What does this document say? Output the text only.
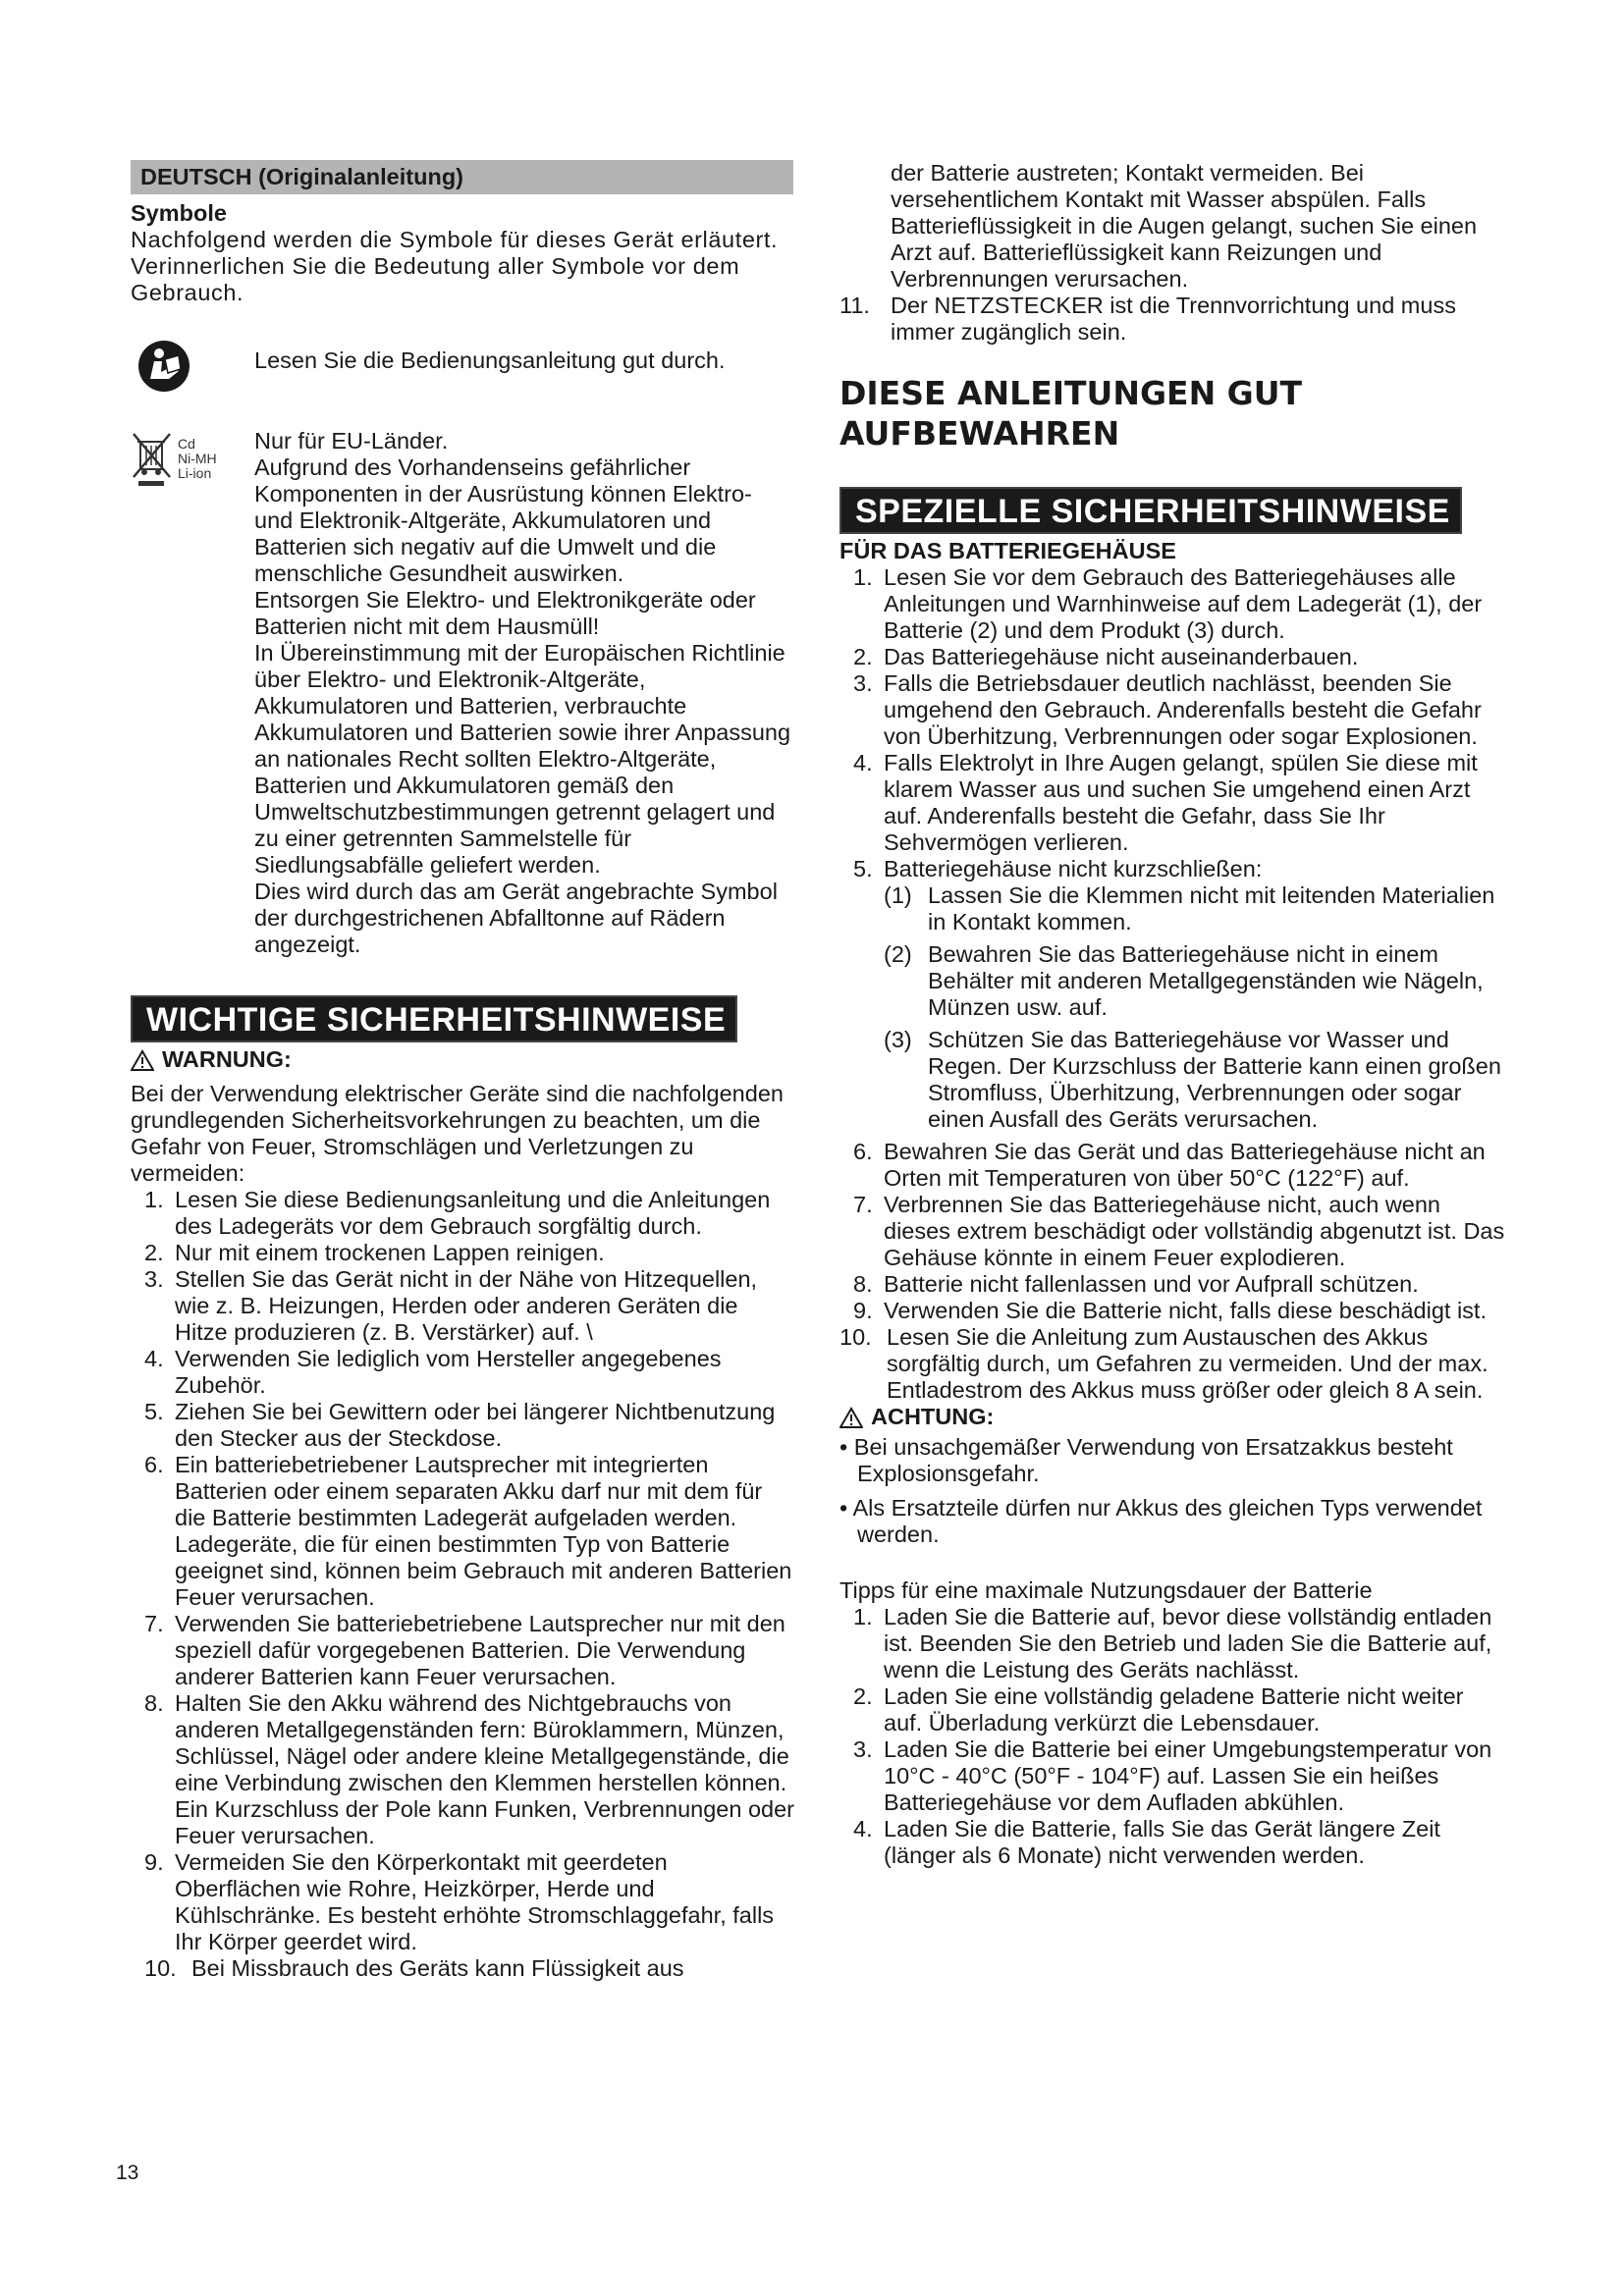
DEUTSCH (Originalanleitung)
Symbole

Nachfolgend werden die Symbole für dieses Gerät erläutert. Verinnerlichen Sie die Bedeutung aller Symbole vor dem Gebrauch.

Lesen Sie die Bedienungsanleitung gut durch.

Cd
Ni-MH
Li-ion

Nur für EU-Länder.

Aufgrund des Vorhandenseins gefährlicher Komponenten in der Ausrüstung können Elektro- und Elektronik-Altgeräte, Akkumulatoren und Batterien sich negativ auf die Umwelt und die menschliche Gesundheit auswirken.

Entsorgen Sie Elektro- und Elektronikgeräte oder Batterien nicht mit dem Hausmüll!

In Übereinstimmung mit der Europäischen Richtlinie über Elektro- und Elektronik-Altgeräte, Akkumulatoren und Batterien, verbrauchte Akkumulatoren und Batterien sowie ihrer Anpassung an nationales Recht sollten Elektro-Altgeräte, Batterien und Akkumulatoren gemäß den Umweltschutzbestimmungen getrennt gelagert und zu einer getrennten Sammelstelle für Siedlungsabfälle geliefert werden.

Dies wird durch das am Gerät angebrachte Symbol der durchgestrichenen Abfalltonne auf Rädern angezeigt.

WICHTIGE SICHERHEITSHINWEISE
WARNUNG:

Bei der Verwendung elektrischer Geräte sind die nachfolgenden grundlegenden Sicherheitsvorkehrungen zu beachten, um die Gefahr von Feuer, Stromschlägen und Verletzungen zu vermeiden:

1. Lesen Sie diese Bedienungsanleitung und die Anleitungen des Ladegeräts vor dem Gebrauch sorgfältig durch.
2. Nur mit einem trockenen Lappen reinigen.
3. Stellen Sie das Gerät nicht in der Nähe von Hitzequellen, wie z. B. Heizungen, Herden oder anderen Geräten die Hitze produzieren (z. B. Verstärker) auf. \
4. Verwenden Sie lediglich vom Hersteller angegebenes Zubehör.
5. Ziehen Sie bei Gewittern oder bei längerer Nichtbenutzung den Stecker aus der Steckdose.
6. Ein batteriebetriebener Lautsprecher mit integrierten Batterien oder einem separaten Akku darf nur mit dem für die Batterie bestimmten Ladegerät aufgeladen werden. Ladegeräte, die für einen bestimmten Typ von Batterie geeignet sind, können beim Gebrauch mit anderen Batterien Feuer verursachen.
7. Verwenden Sie batteriebetriebene Lautsprecher nur mit den speziell dafür vorgegebenen Batterien. Die Verwendung anderer Batterien kann Feuer verursachen.
8. Halten Sie den Akku während des Nichtgebrauchs von anderen Metallgegenständen fern: Büroklammern, Münzen, Schlüssel, Nägel oder andere kleine Metallgegenstände, die eine Verbindung zwischen den Klemmen herstellen können. Ein Kurzschluss der Pole kann Funken, Verbrennungen oder Feuer verursachen.
9. Vermeiden Sie den Körperkontakt mit geerdeten Oberflächen wie Rohre, Heizkörper, Herde und Kühlschränke. Es besteht erhöhte Stromschlaggefahr, falls Ihr Körper geerdet wird.
10. Bei Missbrauch des Geräts kann Flüssigkeit aus

der Batterie austreten; Kontakt vermeiden. Bei versehentlichem Kontakt mit Wasser abspülen. Falls Batterieflüssigkeit in die Augen gelangt, suchen Sie einen Arzt auf. Batterieflüssigkeit kann Reizungen und Verbrennungen verursachen.

11. Der NETZSTECKER ist die Trennvorrichtung und muss immer zugänglich sein.

DIESE ANLEITUNGEN GUT

AUFBEWAHREN

SPEZIELLE SICHERHEITSHINWEISE
FÜR DAS BATTERIEGEHÄUSE
1. Lesen Sie vor dem Gebrauch des Batteriegehäuses alle Anleitungen und Warnhinweise auf dem Ladegerät (1), der Batterie (2) und dem Produkt (3) durch.
2. Das Batteriegehäuse nicht auseinanderbauen.
3. Falls die Betriebsdauer deutlich nachlässt, beenden Sie umgehend den Gebrauch. Anderenfalls besteht die Gefahr von Überhitzung, Verbrennungen oder sogar Explosionen.
4. Falls Elektrolyt in Ihre Augen gelangt, spülen Sie diese mit klarem Wasser aus und suchen Sie umgehend einen Arzt auf. Anderenfalls besteht die Gefahr, dass Sie Ihr Sehvermögen verlieren.
5. Batteriegehäuse nicht kurzschließen:
(1) Lassen Sie die Klemmen nicht mit leitenden Materialien in Kontakt kommen.
(2) Bewahren Sie das Batteriegehäuse nicht in einem Behälter mit anderen Metallgegenständen wie Nägeln, Münzen usw. auf.
(3) Schützen Sie das Batteriegehäuse vor Wasser und Regen. Der Kurzschluss der Batterie kann einen großen Stromfluss, Überhitzung, Verbrennungen oder sogar einen Ausfall des Geräts verursachen.
6. Bewahren Sie das Gerät und das Batteriegehäuse nicht an Orten mit Temperaturen von über 50°C (122°F) auf.
7. Verbrennen Sie das Batteriegehäuse nicht, auch wenn dieses extrem beschädigt oder vollständig abgenutzt ist. Das Gehäuse könnte in einem Feuer explodieren.
8. Batterie nicht fallenlassen und vor Aufprall schützen.
9. Verwenden Sie die Batterie nicht, falls diese beschädigt ist.
10. Lesen Sie die Anleitung zum Austauschen des Akkus sorgfältig durch, um Gefahren zu vermeiden. Und der max. Entladestrom des Akkus muss größer oder gleich 8 A sein.
ACHTUNG:
• Bei unsachgemäßer Verwendung von Ersatzakkus besteht Explosionsgefahr.
• Als Ersatzteile dürfen nur Akkus des gleichen Typs verwendet werden.

Tipps für eine maximale Nutzungsdauer der Batterie

1. Laden Sie die Batterie auf, bevor diese vollständig entladen ist. Beenden Sie den Betrieb und laden Sie die Batterie auf, wenn die Leistung des Geräts nachlässt.
2. Laden Sie eine vollständig geladene Batterie nicht weiter auf. Überladung verkürzt die Lebensdauer.
3. Laden Sie die Batterie bei einer Umgebungstemperatur von 10°C - 40°C (50°F - 104°F) auf. Lassen Sie ein heißes Batteriegehäuse vor dem Aufladen abkühlen.
4. Laden Sie die Batterie, falls Sie das Gerät längere Zeit (länger als 6 Monate) nicht verwenden werden.
13
